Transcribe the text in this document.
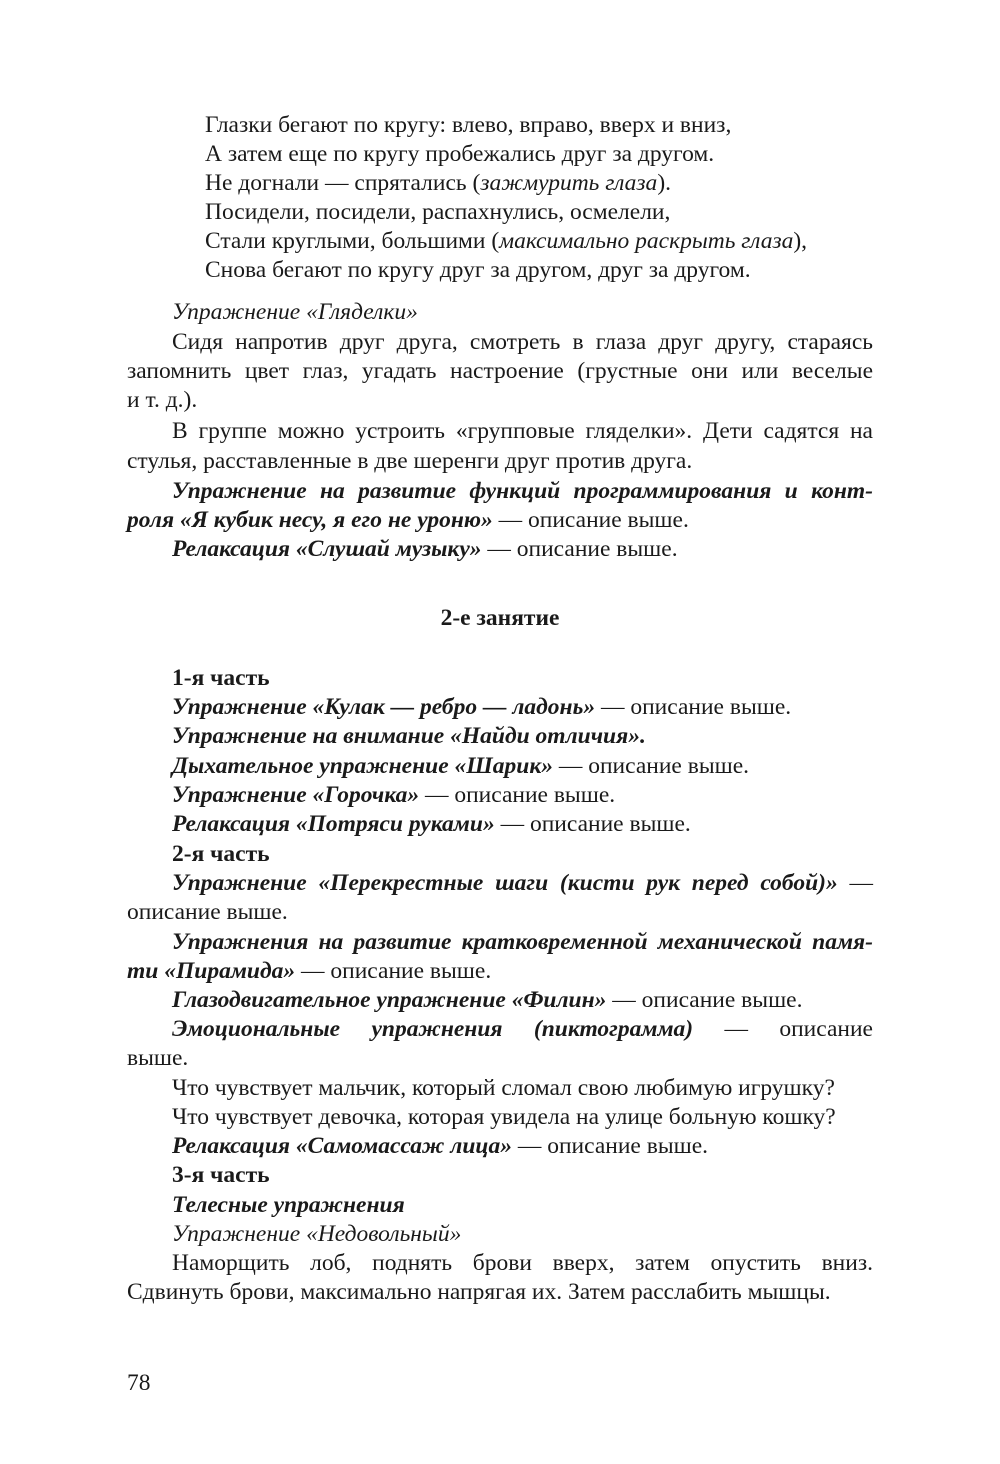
Глазки бегают по кругу: влево, вправо, вверх и вниз,
А затем еще по кругу пробежались друг за другом.
Не догнали — спрятались (зажмурить глаза).
Посидели, посидели, распахнулись, осмелели,
Стали круглыми, большими (максимально раскрыть глаза),
Снова бегают по кругу друг за другом, друг за другом.
Упражнение «Гляделки»
Сидя напротив друг друга, смотреть в глаза друг другу, стараясь
запомнить цвет глаз, угадать настроение (грустные они или веселые
и т. д.).
В группе можно устроить «групповые гляделки». Дети садятся на
стулья, расставленные в две шеренги друг против друга.
Упражнение на развитие функций программирования и конт-
роля «Я кубик несу, я его не уроню» — описание выше.
Релаксация «Слушай музыку» — описание выше.
2-е занятие
1-я часть
Упражнение «Кулак — ребро — ладонь» — описание выше.
Упражнение на внимание «Найди отличия».
Дыхательное упражнение «Шарик» — описание выше.
Упражнение «Горочка» — описание выше.
Релаксация «Потряси руками» — описание выше.
2-я часть
Упражнение «Перекрестные шаги (кисти рук перед собой)» —
описание выше.
Упражнения на развитие кратковременной механической памя-
ти «Пирамида» — описание выше.
Глазодвигательное упражнение «Филин» — описание выше.
Эмоциональные упражнения (пиктограмма) — описание
выше.
Что чувствует мальчик, который сломал свою любимую игрушку?
Что чувствует девочка, которая увидела на улице больную кошку?
Релаксация «Самомассаж лица» — описание выше.
3-я часть
Телесные упражнения
Упражнение «Недовольный»
Наморщить лоб, поднять брови вверх, затем опустить вниз.
Сдвинуть брови, максимально напрягая их. Затем расслабить мышцы.
78
